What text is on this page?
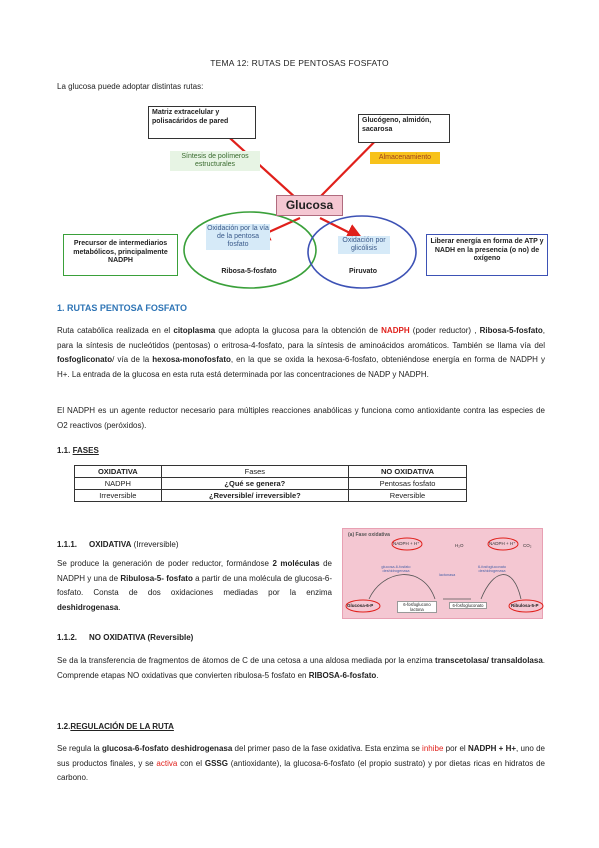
TEMA 12: RUTAS DE PENTOSAS FOSFATO
La glucosa puede adoptar distintas rutas:
Matriz extracelular y polisacáridos de pared	Glucógeno, almidón, sacarosa
Síntesis de polímeros estructurales
Almacenamiento
Glucosa
Oxidación por la vía de la pentosa fosfato
Ribosa-5-fosfato
Oxidación por glicólisis
Piruvato
Precursor de intermediarios metabólicos, principalmente NADPH
Liberar energía en forma de ATP y NADH en la presencia (o no) de oxígeno
1. RUTAS PENTOSA FOSFATO
Ruta catabólica realizada en el citoplasma que adopta la glucosa para la obtención de NADPH (poder reductor) , Ribosa-5-fosfato, para la síntesis de nucleótidos (pentosas) o eritrosa-4-fosfato, para la síntesis de aminoácidos aromáticos. También se llama vía del fosfogliconato/ vía de la hexosa-monofosfato, en la que se oxida la hexosa-6-fosfato, obteniéndose energía en forma de NADPH y H+. La entrada de la glucosa en esta ruta está determinada por las concentraciones de NADP y NADPH.
El NADPH es un agente reductor necesario para múltiples reacciones anabólicas y funciona como antioxidante contra las especies de O2 reactivos (peróxidos).
1.1. FASES
OXIDATIVA	Fases	NO OXIDATIVA
NADPH	¿Qué se genera?	Pentosas fosfato
Irreversible	¿Reversible/ irreversible?	Reversible
1.1.1. OXIDATIVA (Irreversible)
Se produce la generación de poder reductor, formándose 2 moléculas de NADPH y una de Ribulosa-5- fosfato a partir de una molécula de glucosa-6-fosfato. Consta de dos oxidaciones mediadas por la enzima deshidrogenasa.
(a) Fase oxidativa
NADPH + H⁺	NADPH + H⁺
H₂O	CO₂
glucosa-6-fosfato deshidrogenasa
lactonasa
6-fosfogluconato deshidrogenasa
Glucosa-6-P	6-fosfoglucono lactona
6-fosfogluconato	Ribulosa-5-P
1.1.2. NO OXIDATIVA (Reversible)
Se da la transferencia de fragmentos de átomos de C de una cetosa a una aldosa mediada por la enzima transcetolasa/ transaldolasa. Comprende etapas NO oxidativas que convierten ribulosa-5 fosfato en RIBOSA-6-fosfato.
1.2.REGULACIÓN DE LA RUTA
Se regula la glucosa-6-fosfato deshidrogenasa del primer paso de la fase oxidativa. Esta enzima se inhibe por el NADPH + H+, uno de sus productos finales, y se activa con el GSSG (antioxidante), la glucosa-6-fosfato (el propio sustrato) y por dietas ricas en hidratos de carbono.
